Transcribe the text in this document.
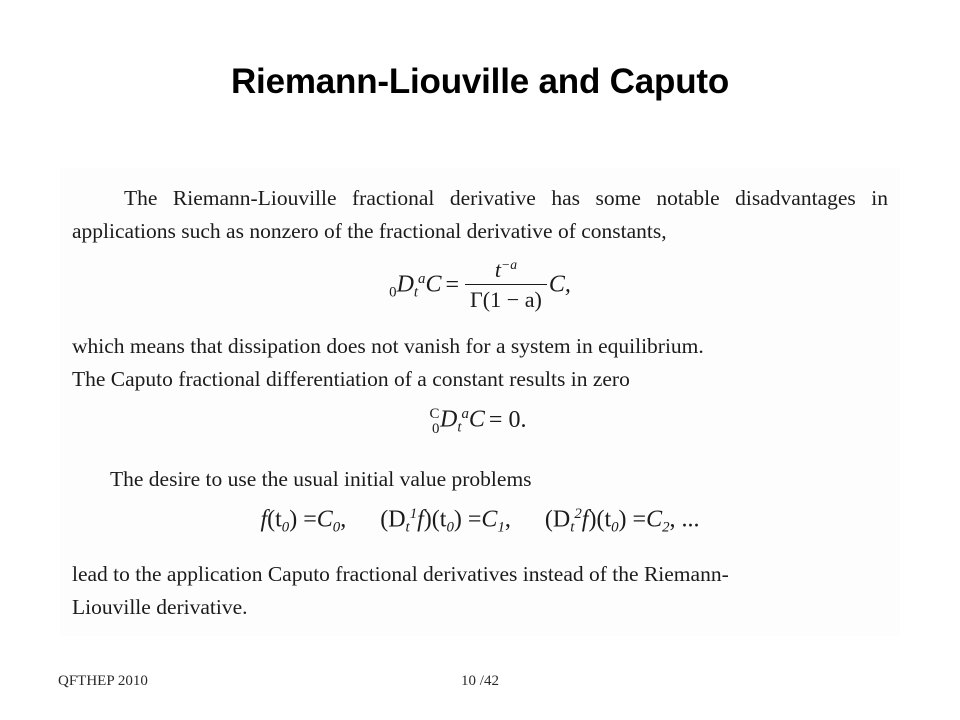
Riemann-Liouville and Caputo
The Riemann-Liouville fractional derivative has some notable disadvantages in applications such as nonzero of the fractional derivative of constants,
$0D_t^aC = \frac{t^{-a}}{\Gamma(1 - a)} C$,
which means that dissipation does not vanish for a system in equilibrium.
The Caputo fractional differentiation of a constant results in zero
C
$0D_t^aC = 0$.
The desire to use the usual initial value problems
$f(t_0) =C_0$, $(D_t^1f)(t_0) =C_1$, $(D_t^2f)(t_0) =C_2$, ...
lead to the application Caputo fractional derivatives instead of the Riemann-
Liouville derivative.
QFTHEP 2010	10 /42
